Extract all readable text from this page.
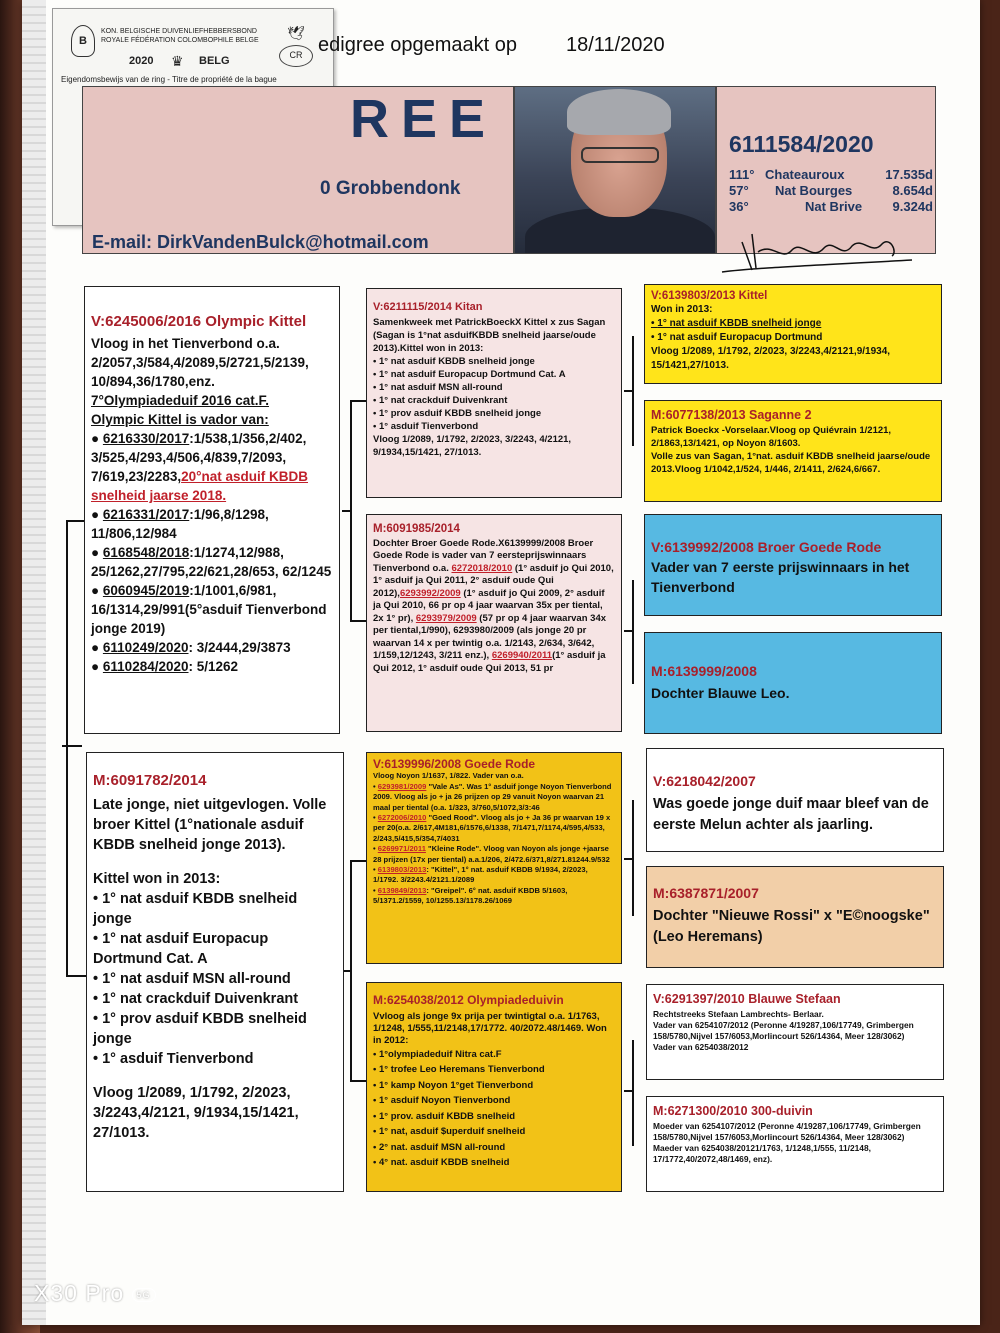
B
KON. BELGISCHE DUIVENLIEFHEBBERSBOND
ROYALE FÉDÉRATION COLOMBOPHILE BELGE	🕊
2020 ♛ BELG	CR
Eigendomsbewijs van de ring - Titre de propriété de la bague
edigree opgemaakt op 18/11/2020
REE
0 Grobbendonk
E-mail: DirkVandenBulck@hotmail.com
6111584/2020
111° Chateauroux	17.535d
57°	Nat Bourges	8.654d
36°	Nat Brive	9.324d
V:6245006/2016 Olympic Kittel

Vloog in het Tienverbond o.a. 2/2057,3/584,4/2089,5/2721,5/2139, 10/894,36/1780,enz.

7°Olympiadeduif 2016 cat.F.

Olympic Kittel is vador van:

● 6216330/2017:1/538,1/356,2/402, 3/525,4/293,4/506,4/839,7/2093, 7/619,23/2283,20°nat asduif KBDB snelheid jaarse 2018.

● 6216331/2017:1/96,8/1298, 11/806,12/984

● 6168548/2018:1/1274,12/988, 25/1262,27/795,22/621,28/653, 62/1245

● 6060945/2019:1/1001,6/981, 16/1314,29/991(5°asduif Tienverbond jonge 2019)

● 6110249/2020: 3/2444,29/3873

● 6110284/2020: 5/1262

M:6091782/2014

Late jonge, niet uitgevlogen. Volle broer Kittel (1°nationale asduif KBDB snelheid jonge 2013).

Kittel won in 2013:

• 1° nat asduif KBDB snelheid jonge

• 1° nat asduif Europacup Dortmund Cat. A

• 1° nat asduif MSN all-round

• 1° nat crackduif Duivenkrant

• 1° prov asduif KBDB snelheid jonge

• 1° asduif Tienverbond

Vloog 1/2089, 1/1792, 2/2023, 3/2243,4/2121, 9/1934,15/1421, 27/1013.

V:6211115/2014 Kitan

Samenkweek met PatrickBoeckX Kittel x zus Sagan (Sagan is 1°nat asduifKBDB snelheid jaarse/oude 2013).Kittel won in 2013:

• 1° nat asduif KBDB snelheid jonge

• 1° nat asduif Europacup Dortmund Cat. A

• 1° nat asduif MSN all-round

• 1° nat crackduif Duivenkrant

• 1° prov asduif KBDB snelheid jonge

• 1° asduif Tienverbond

Vloog 1/2089, 1/1792, 2/2023, 3/2243, 4/2121, 9/1934,15/1421, 27/1013.

M:6091985/2014

Dochter Broer Goede Rode.X6139999/2008 Broer Goede Rode is vader van 7 eersteprijswinnaars Tienverbond o.a. 6272018/2010 (1° asduif jo Qui 2010, 1° asduif ja Qui 2011, 2° asduif oude Qui 2012),6293992/2009 (1° asduif jo Qui 2009, 2° asduif ja Qui 2010, 66 pr op 4 jaar waarvan 35x per tiental, 2x 1° pr), 6293979/2009 (57 pr op 4 jaar waarvan 34x per tiental,1/990), 6293980/2009 (als jonge 20 pr waarvan 14 x per twintig o.a. 1/2143, 2/634, 3/642, 1/159,12/1243, 3/211 enz.), 6269940/2011(1° asduif ja Qui 2012, 1° asduif oude Qui 2013, 51 pr

V:6139996/2008 Goede Rode

Vloog Noyon 1/1637, 1/822. Vader van o.a.

• 6293981/2009 "Vale As". Was 1° asduif jonge Noyon Tienverbond 2009. Vloog als jo + ja 26 prijzen op 29 vanuit Noyon waarvan 21 maal per tiental (o.a. 1/323, 3/760,5/1072,3/3:46

• 6272006/2010 "Goed Rood". Vloog als jo + Ja 36 pr waarvan 19 x per 20(o.a. 2/617,4M181,6/1576,6/1338, 7/1471,7/1174,4/595,4/533, 2/243,5/415,5/354,7/4031

• 6269971/2011 "Kleine Rode". Vloog van Noyon als jonge +jaarse 28 prijzen (17x per tiental) a.a.1/206, 2/472.6/371,8/271.81244.9/532

• 6139803/2013: "Kittel", 1° nat. asduif KBDB 9/1934, 2/2023, 1/1792. 3/2243.4/2121.1/2089

• 6139849/2013: "Greipel". 6° nat. asduif KBDB 5/1603, 5/1371.2/1559, 10/1255.13/1178.26/1069

M:6254038/2012 Olympiadeduivin

Vvloog als jonge 9x prija per twintigtal o.a. 1/1763, 1/1248, 1/555,11/2148,17/1772. 40/2072.48/1469. Won in 2012:

• 1°olympiadeduif Nitra cat.F

• 1° trofee Leo Heremans Tienverbond

• 1° kamp Noyon 1°get Tienverbond

• 1° asduif Noyon Tienverbond

• 1° prov. asduif KBDB snelheid

• 1° nat, asduif $uperduif snelheid

• 2° nat. asduif MSN all-round

• 4° nat. asduif KBDB snelheid

V:6139803/2013 Kittel

Won in 2013:

• 1° nat asduif KBDB snelheid jonge

• 1° nat asduif Europacup Dortmund

Vloog 1/2089, 1/1792, 2/2023, 3/2243,4/2121,9/1934, 15/1421,27/1013.

M:6077138/2013 Saganne 2

Patrick Boeckx -Vorselaar.Vloog op Quiévrain 1/2121, 2/1863,13/1421, op Noyon 8/1603.

Volle zus van Sagan, 1°nat. asduif KBDB snelheid jaarse/oude 2013.Vloog 1/1042,1/524, 1/446, 2/1411, 2/624,6/667.

V:6139992/2008 Broer Goede Rode

Vader van 7 eerste prijswinnaars in het Tienverbond

M:6139999/2008

Dochter Blauwe Leo.

V:6218042/2007

Was goede jonge duif maar bleef van de eerste Melun achter als jaarling.

M:6387871/2007

Dochter "Nieuwe Rossi" x "E©noogske" (Leo Heremans)

V:6291397/2010 Blauwe Stefaan

Rechtstreeks Stefaan Lambrechts- Berlaar.

Vader van 6254107/2012 (Peronne 4/19287,106/17749, Grimbergen 158/5780,Nijvel 157/6053,Morlincourt 526/14364, Meer 128/3062)

Vader van 6254038/2012

M:6271300/2010 300-duivin

Moeder van 6254107/2012 (Peronne 4/19287,106/17749, Grimbergen 158/5780,Nijvel 157/6053,Morlincourt 526/14364, Meer 128/3062)

Maeder van 6254038/20121/1763, 1/1248,1/555, 11/2148, 17/1772,40/2072,48/1469, enz).

X30 Pro 5G
